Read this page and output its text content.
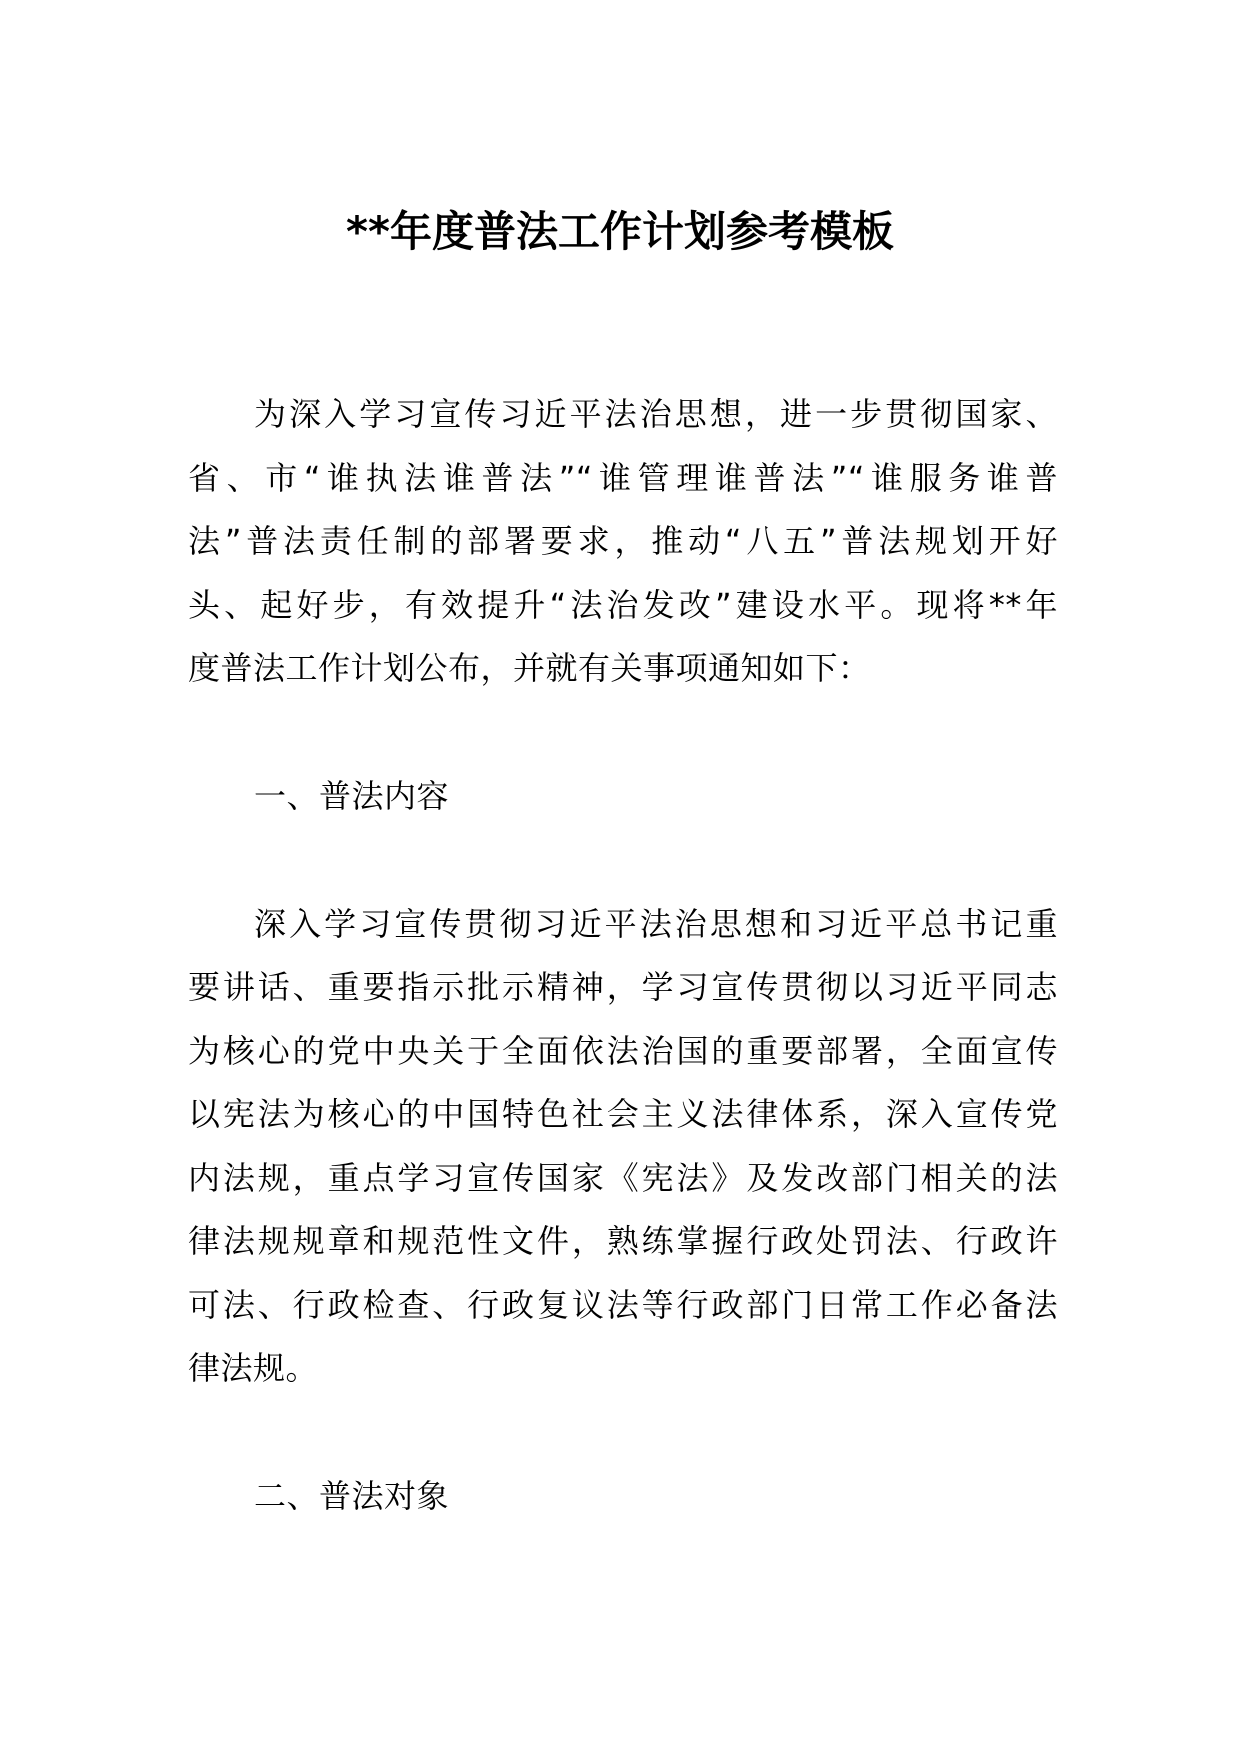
**年度普法工作计划参考模板
为深入学习宣传习近平法治思想，进一步贯彻国家、
省、市“谁执法谁普法”“谁管理谁普法”“谁服务谁普
法”普法责任制的部署要求，推动“八五”普法规划开好
头、起好步，有效提升“法治发改”建设水平。现将**年
度普法工作计划公布，并就有关事项通知如下：
一、普法内容
深入学习宣传贯彻习近平法治思想和习近平总书记重
要讲话、重要指示批示精神，学习宣传贯彻以习近平同志
为核心的党中央关于全面依法治国的重要部署，全面宣传
以宪法为核心的中国特色社会主义法律体系，深入宣传党
内法规，重点学习宣传国家《宪法》及发改部门相关的法
律法规规章和规范性文件，熟练掌握行政处罚法、行政许
可法、行政检查、行政复议法等行政部门日常工作必备法
律法规。
二、普法对象
